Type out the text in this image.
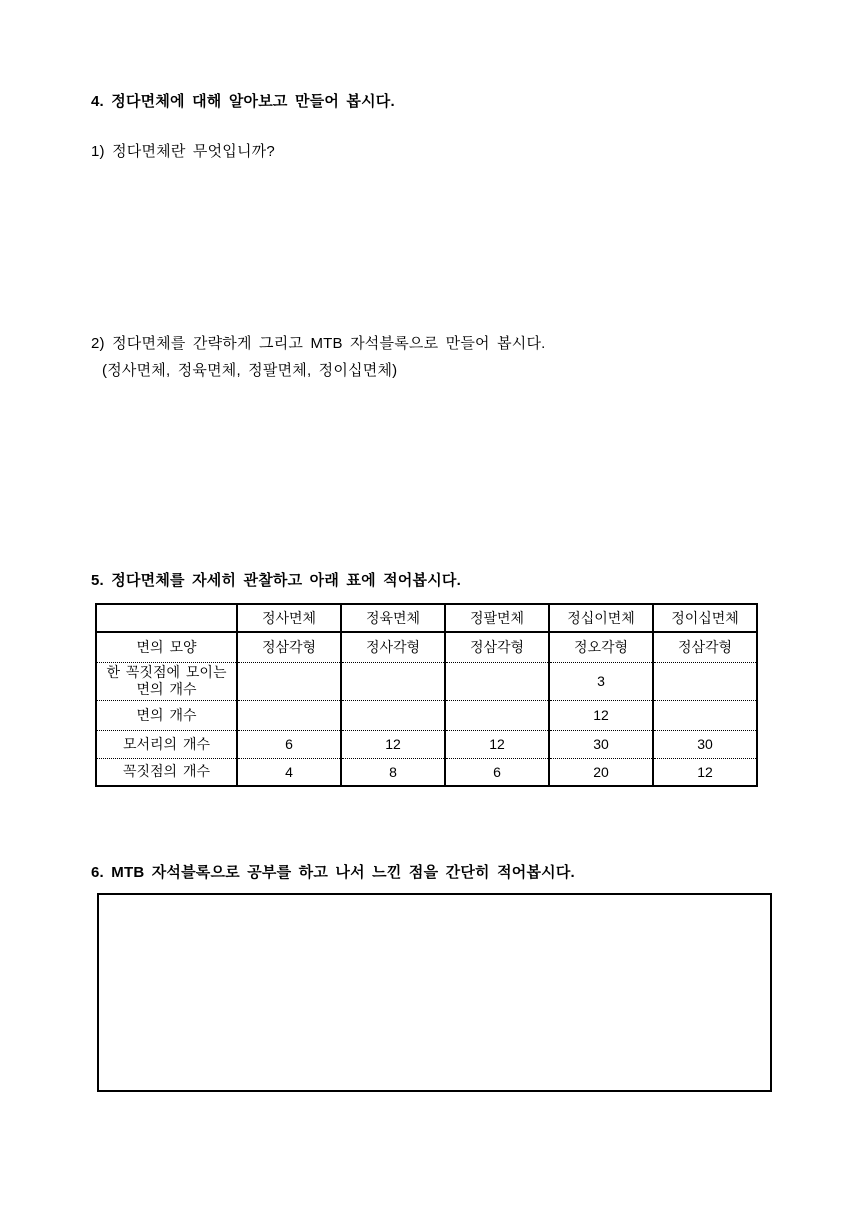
4. 정다면체에 대해 알아보고 만들어 봅시다.
1) 정다면체란 무엇입니까?
2) 정다면체를 간략하게 그리고 MTB 자석블록으로 만들어 봅시다.
(정사면체, 정육면체, 정팔면체, 정이십면체)
5. 정다면체를 자세히 관찰하고 아래 표에 적어봅시다.
	정사면체	정육면체	정팔면체	정십이면체	정이십면체
면의 모양	정삼각형	정사각형	정삼각형	정오각형	정삼각형
한 꼭짓점에 모이는 면의 개수				3	
면의 개수				12	
모서리의 개수	6	12	12	30	30
꼭짓점의 개수	4	8	6	20	12
6. MTB 자석블록으로 공부를 하고 나서 느낀 점을 간단히 적어봅시다.
